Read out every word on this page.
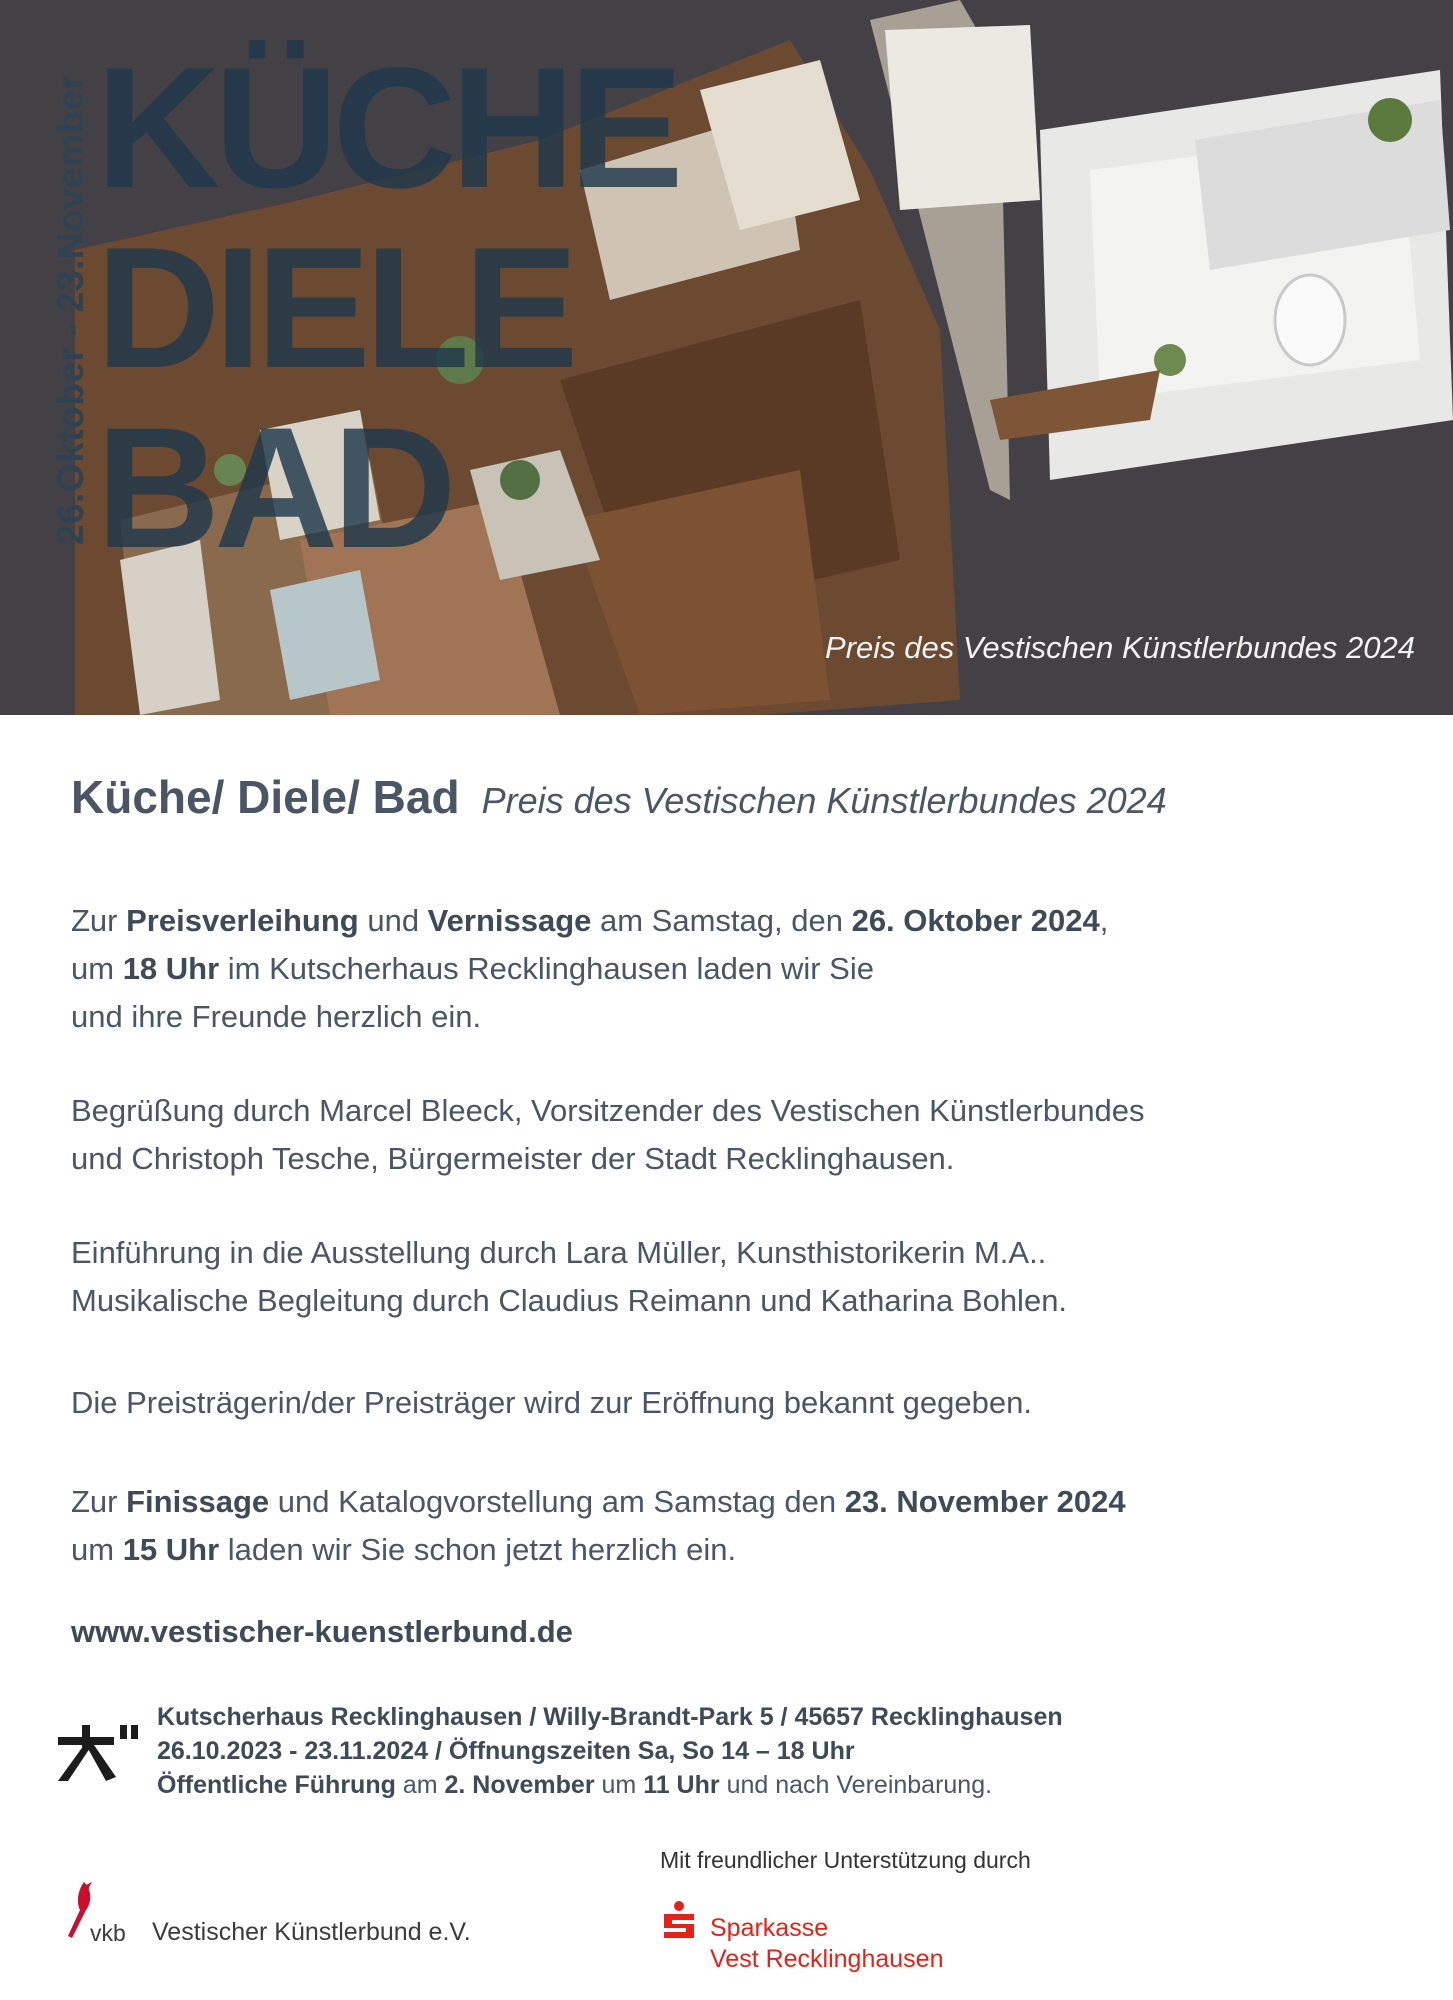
26.Oktober - 23.November KÜCHE
DIELE
BAD
Preis des Vestischen Künstlerbundes 2024
Küche/ Diele/ Bad Preis des Vestischen Künstlerbundes 2024
Zur Preisverleihung und Vernissage am Samstag, den 26. Oktober 2024,
um 18 Uhr im Kutscherhaus Recklinghausen laden wir Sie
und ihre Freunde herzlich ein.
Begrüßung durch Marcel Bleeck, Vorsitzender des Vestischen Künstlerbundes
und Christoph Tesche, Bürgermeister der Stadt Recklinghausen.
Einführung in die Ausstellung durch Lara Müller, Kunsthistorikerin M.A..
Musikalische Begleitung durch Claudius Reimann und Katharina Bohlen.
Die Preisträgerin/der Preisträger wird zur Eröffnung bekannt gegeben.
Zur Finissage und Katalogvorstellung am Samstag den 23. November 2024
um 15 Uhr laden wir Sie schon jetzt herzlich ein.
www.vestischer-kuenstlerbund.de
Kutscherhaus Recklinghausen / Willy-Brandt-Park 5 / 45657 Recklinghausen
26.10.2023 - 23.11.2024 / Öffnungszeiten Sa, So 14 – 18 Uhr
Öffentliche Führung am 2. November um 11 Uhr und nach Vereinbarung.
Mit freundlicher Unterstützung durch
vkb Vestischer Künstlerbund e.V.	Sparkasse
Vest Recklinghausen
